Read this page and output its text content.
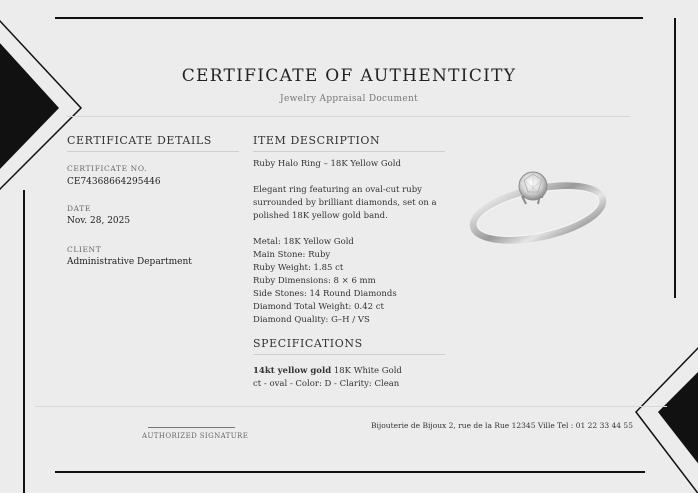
CERTIFICATE OF AUTHENTICITY
Jewelry Appraisal Document
CERTIFICATE DETAILS
CERTIFICATE NO.
CE74368664295446
DATE
Nov. 28, 2025
CLIENT
Administrative Department
ITEM DESCRIPTION
Ruby Halo Ring – 18K Yellow Gold
Elegant ring featuring an oval-cut ruby
surrounded by brilliant diamonds, set on a
polished 18K yellow gold band.
Metal: 18K Yellow Gold
Main Stone: Ruby
Ruby Weight: 1.85 ct
Ruby Dimensions: 8 × 6 mm
Side Stones: 14 Round Diamonds
Diamond Total Weight: 0.42 ct
Diamond Quality: G–H / VS
SPECIFICATIONS
14kt yellow gold 18K White Gold
ct - oval - Color: D - Clarity: Clean
AUTHORIZED SIGNATURE
Bijouterie de Bijoux 2, rue de la Rue 12345 Ville Tel : 01 22 33 44 55
